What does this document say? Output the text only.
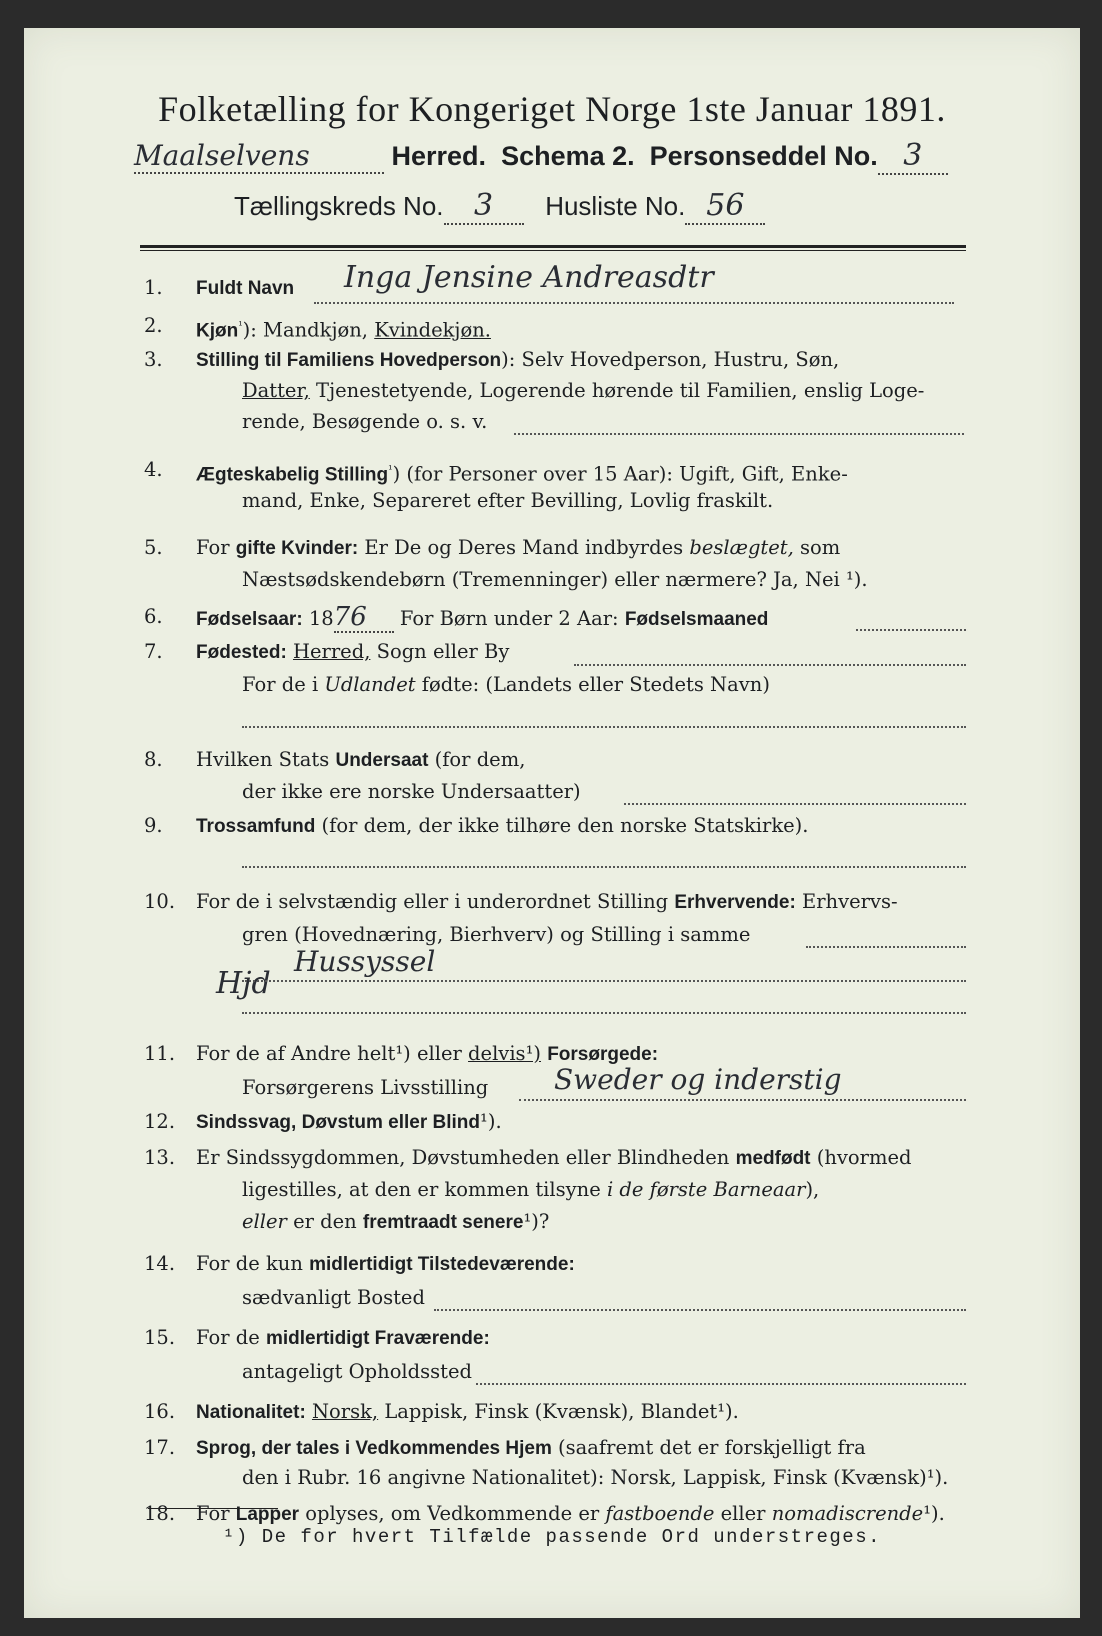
Folketælling for Kongeriget Norge 1ste Januar 1891.
Maalselvens	Herred. Schema 2. Personseddel No. 3
Tællingskreds No. 3 Husliste No. 56
1.	Fuldt Navn Inga Jensine Andreasdtr
2.	Kjøn$^{^1}$): Mandkjøn, Kvindekjøn.
3.	Stilling til Familiens Hovedperson): Selv Hovedperson, Hustru, Søn,
Datter, Tjenestetyende, Logerende hørende til Familien, enslig Loge-
rende, Besøgende o. s. v.
4.	Ægteskabelig Stilling$^{^1}$) (for Personer over 15 Aar): Ugift, Gift, Enke-
mand, Enke, Separeret efter Bevilling, Lovlig fraskilt.
5.	For gifte Kvinder: Er De og Deres Mand indbyrdes beslægtet, som
Næstsødskendebørn (Tremenninger) eller nærmere? Ja, Nei ¹).
6.	Fødselsaar: 1876 For Børn under 2 Aar: Fødselsmaaned
7.	Fødested: Herred, Sogn eller By
For de i Udlandet fødte: (Landets eller Stedets Navn)
8.	Hvilken Stats Undersaat (for dem,
der ikke ere norske Undersaatter)
9.	Trossamfund (for dem, der ikke tilhøre den norske Statskirke).
10.	For de i selvstændig eller i underordnet Stilling Erhvervende: Erhvervs-
gren (Hovednæring, Bierhverv) og Stilling i samme
Hjd
Hussyssel
11.	For de af Andre helt¹) eller delvis¹) Forsørgede:
Forsørgerens Livsstilling Sweder og inderstig
12.	Sindssvag, Døvstum eller Blind¹).
13.	Er Sindssygdommen, Døvstumheden eller Blindheden medfødt (hvormed
ligestilles, at den er kommen tilsyne i de første Barneaar),
eller er den fremtraadt senere¹)?
14.	For de kun midlertidigt Tilstedeværende:
sædvanligt Bosted
15.	For de midlertidigt Fraværende:
antageligt Opholdssted
16.	Nationalitet: Norsk, Lappisk, Finsk (Kvænsk), Blandet¹).
17.	Sprog, der tales i Vedkommendes Hjem (saafremt det er forskjelligt fra
den i Rubr. 16 angivne Nationalitet): Norsk, Lappisk, Finsk (Kvænsk)¹).
18.	For Lapper oplyses, om Vedkommende er fastboende eller nomadiscrende¹).
¹) De for hvert Tilfælde passende Ord understreges.
